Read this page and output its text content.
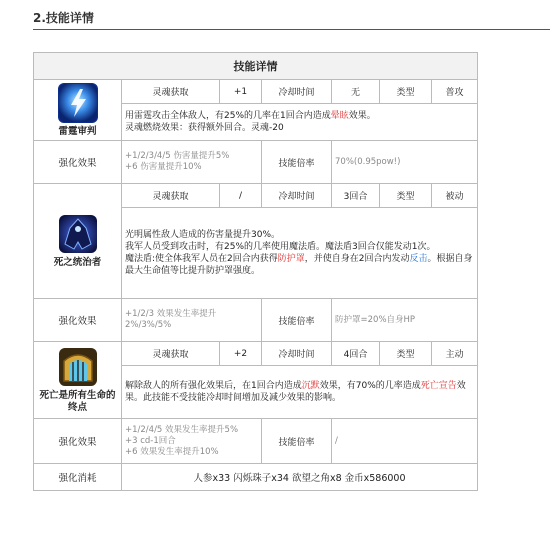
2.技能详情
技能详情						

雷霆审判	灵魂获取	+1	冷却时间	无	类型	普攻
	用雷霆攻击全体敌人，有25%的几率在1回合内造成晕眩效果。
灵魂燃烧效果：获得额外回合。灵魂-20					
强化效果	+1/2/3/4/5 伤害量提升5%
+6 伤害量提升10%		技能倍率	70%(0.95pow!)		

死之统治者	灵魂获取	/	冷却时间	3回合	类型	被动

	光明属性敌人造成的伤害量提升30%。
我军人员受到攻击时，有25%的几率使用魔法盾。魔法盾3回合仅能发动1次。
魔法盾:使全体我军人员在2回合内获得防护罩，并使自身在2回合内发动反击。根据自身最大生命值等比提升防护罩强度。					

强化效果	+1/2/3 效果发生率提升
2%/3%/5%		技能倍率	防护罩=20%自身HP		

死亡是所有生命的终点	灵魂获取	+2	冷却时间	4回合	类型	主动
	解除敌人的所有强化效果后，在1回合内造成沉默效果，有70%的几率造成死亡宣告效果。此技能不受技能冷却时间增加及减少效果的影响。					
强化效果	+1/2/4/5 效果发生率提升5%
+3 cd-1回合
+6 效果发生率提升10%		技能倍率	/		
强化消耗	人参x33 闪烁珠子x34 欲望之角x8 金币x586000					
